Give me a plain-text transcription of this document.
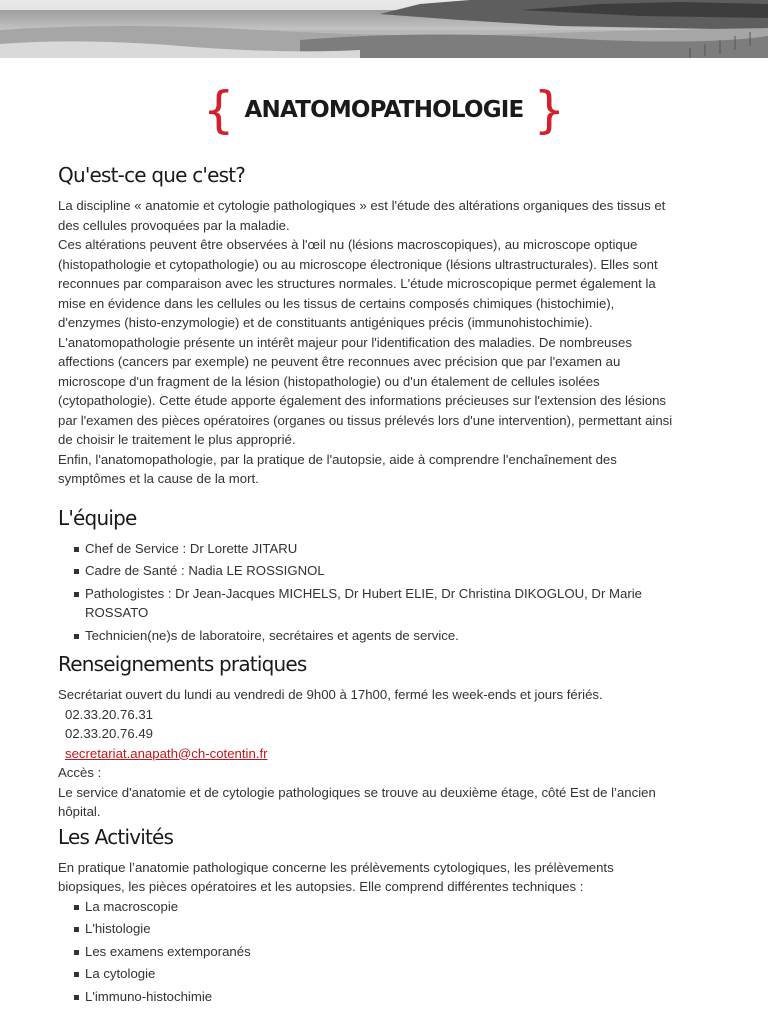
{ ANATOMOPATHOLOGIE }
Qu'est-ce que c'est?
La discipline « anatomie et cytologie pathologiques » est l'étude des altérations organiques des tissus et
des cellules provoquées par la maladie.
Ces altérations peuvent être observées à l'œil nu (lésions macroscopiques), au microscope optique
(histopathologie et cytopathologie) ou au microscope électronique (lésions ultrastructurales). Elles sont
reconnues par comparaison avec les structures normales. L'étude microscopique permet également la
mise en évidence dans les cellules ou les tissus de certains composés chimiques (histochimie),
d'enzymes (histo-enzymologie) et de constituants antigéniques précis (immunohistochimie).
L'anatomopathologie présente un intérêt majeur pour l'identification des maladies. De nombreuses
affections (cancers par exemple) ne peuvent être reconnues avec précision que par l'examen au
microscope d'un fragment de la lésion (histopathologie) ou d'un étalement de cellules isolées
(cytopathologie). Cette étude apporte également des informations précieuses sur l'extension des lésions
par l'examen des pièces opératoires (organes ou tissus prélevés lors d'une intervention), permettant ainsi
de choisir le traitement le plus approprié.
Enfin, l'anatomopathologie, par la pratique de l'autopsie, aide à comprendre l'enchaînement des
symptômes et la cause de la mort.
L'équipe
Chef de Service : Dr Lorette JITARU
Cadre de Santé : Nadia LE ROSSIGNOL
Pathologistes : Dr Jean-Jacques MICHELS, Dr Hubert ELIE, Dr Christina DIKOGLOU, Dr Marie
ROSSATO
Technicien(ne)s de laboratoire, secrétaires et agents de service.
Renseignements pratiques
Secrétariat ouvert du lundi au vendredi de 9h00 à 17h00, fermé les week-ends et jours fériés.
02.33.20.76.31
02.33.20.76.49
secretariat.anapath@ch-cotentin.fr
Accès :
Le service d'anatomie et de cytologie pathologiques se trouve au deuxième étage, côté Est de l’ancien
hôpital.
Les Activités
En pratique l’anatomie pathologique concerne les prélèvements cytologiques, les prélèvements
biopsiques, les pièces opératoires et les autopsies. Elle comprend différentes techniques :
La macroscopie
L'histologie
Les examens extemporanés
La cytologie
L'immuno-histochimie
